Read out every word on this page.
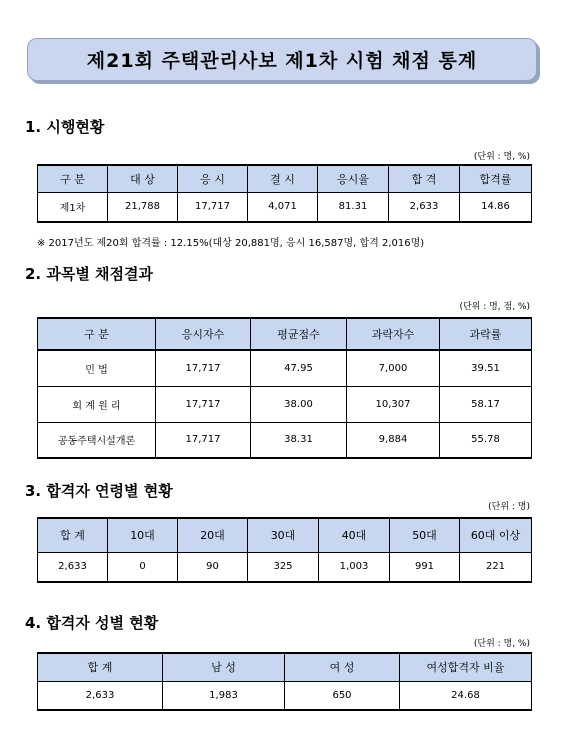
제21회 주택관리사보 제1차 시험 채점 통계
1. 시행현황
(단위 : 명, %)
구 분	대 상	응 시	결 시	응시율	합 격	합격률
제1차	21,788	17,717	4,071	81.31	2,633	14.86
※ 2017년도 제20회 합격률 : 12.15%(대상 20,881명, 응시 16,587명, 합격 2,016명)
2. 과목별 채점결과
(단위 : 명, 점, %)
구 분	응시자수	평균점수	과락자수	과락률
민 법	17,717	47.95	7,000	39.51
회 계 원 리	17,717	38.00	10,307	58.17
공동주택시설개론	17,717	38.31	9,884	55.78
3. 합격자 연령별 현황
(단위 : 명)
합 계	10대	20대	30대	40대	50대	60대 이상
2,633	0	90	325	1,003	991	221
4. 합격자 성별 현황
(단위 : 명, %)
합 계	남 성	여 성	여성합격자 비율
2,633	1,983	650	24.68
